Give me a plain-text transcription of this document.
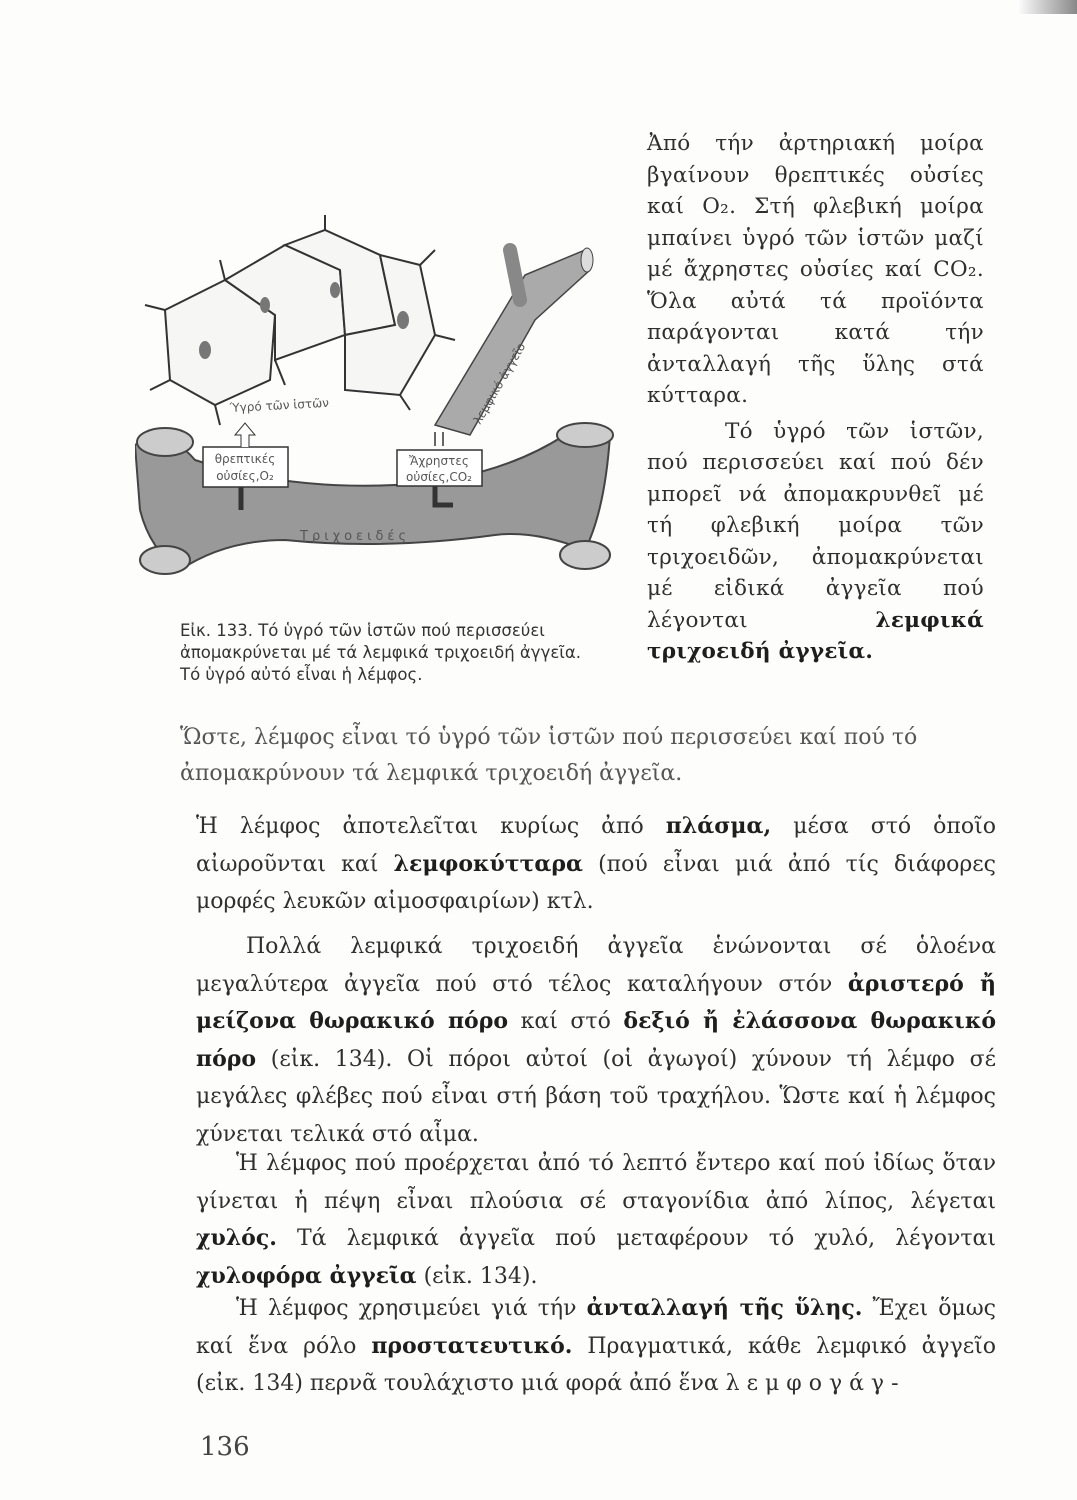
Ύγρό τῶν ἱστῶν	λεμφικό ἀγγεῖο
θρεπτικές
οὐσίες,O₂
Ἄχρηστες
οὐσίες,CO₂
Τριχοειδές
Εἰκ. 133. Τό ὑγρό τῶν ἱστῶν πού περισσεύει ἀπομακρύνεται μέ τά λεμφικά τριχοειδή ἀγγεῖα. Τό ὑγρό αὐτό εἶναι ἡ λέμφος.

Ἀπό τήν ἀρτηριακή μοίρα βγαίνουν θρεπτικές οὐσίες καί O₂. Στή φλεβική μοίρα μπαίνει ὑγρό τῶν ἱστῶν μαζί μέ ἄχρηστες οὐσίες καί CO₂. Ὅλα αὐτά τά προϊόντα παράγονται κατά τήν ἀνταλλαγή τῆς ὕλης στά κύτταρα.

Τό ὑγρό τῶν ἱστῶν, πού περισσεύει καί πού δέν μπορεῖ νά ἀπομακρυνθεῖ μέ τή φλεβική μοίρα τῶν τριχοειδῶν, ἀπομακρύνεται μέ εἰδικά ἀγγεῖα πού λέγονται	λεμφικά τριχοειδή ἀγγεῖα.

Ὥστε, λέμφος εἶναι τό ὑγρό τῶν ἱστῶν πού περισσεύει καί πού τό ἀπομακρύνουν τά λεμφικά τριχοειδή ἀγγεῖα.

Ἡ λέμφος ἀποτελεῖται κυρίως ἀπό πλάσμα, μέσα στό ὁποῖο αἰωροῦνται καί λεμφοκύτταρα (πού εἶναι μιά ἀπό τίς διάφορες μορφές λευκῶν αἱμοσφαιρίων) κτλ.

Πολλά λεμφικά τριχοειδή ἀγγεῖα ἑνώνονται σέ ὁλοένα μεγαλύτερα ἀγγεῖα πού στό τέλος καταλήγουν στόν ἀριστερό ἤ μείζονα θωρακικό πόρο καί στό δεξιό ἤ ἐλάσσονα θωρακικό πόρο (εἰκ. 134). Οἱ πόροι αὐτοί (οἱ ἀγωγοί) χύνουν τή λέμφο σέ μεγάλες φλέβες πού εἶναι στή βάση τοῦ τραχήλου. Ὥστε καί ἡ λέμφος χύνεται τελικά στό αἷμα.

Ἡ λέμφος πού προέρχεται ἀπό τό λεπτό ἔντερο καί πού ἰδίως ὅταν γίνεται ἡ πέψη εἶναι πλούσια σέ σταγονίδια ἀπό λίπος, λέγεται χυλός. Τά λεμφικά ἀγγεῖα πού μεταφέρουν τό χυλό, λέγονται χυλοφόρα ἀγγεῖα (εἰκ. 134).

Ἡ λέμφος χρησιμεύει γιά τήν ἀνταλλαγή τῆς ὕλης. Ἔχει ὅμως καί ἕνα ρόλο προστατευτικό. Πραγματικά, κάθε λεμφικό ἀγγεῖο (εἰκ. 134) περνᾶ τουλάχιστο μιά φορά ἀπό ἕνα λ ε μ φ ο γ ά γ -

136
